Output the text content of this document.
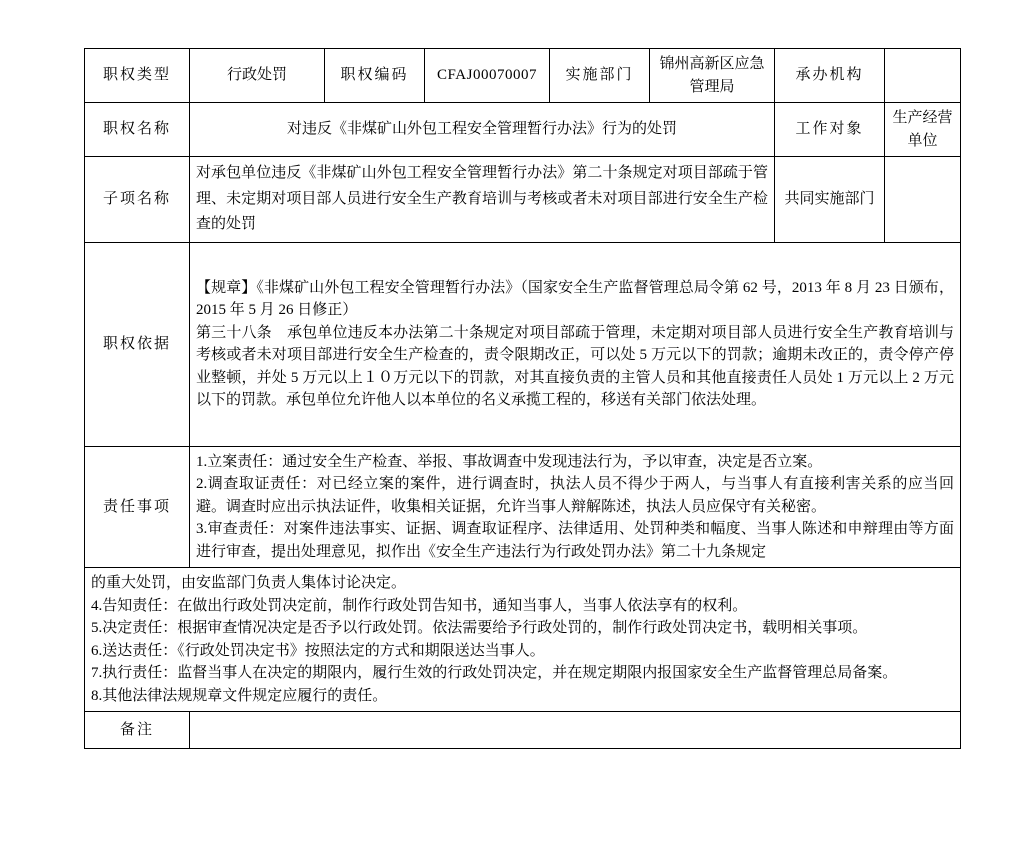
职权类型	行政处罚	职权编码	CFAJ00070007	实施部门	锦州高新区应急管理局	承办机构	
职权名称	对违反《非煤矿山外包工程安全管理暂行办法》行为的处罚					工作对象	生产经营单位
子项名称	对承包单位违反《非煤矿山外包工程安全管理暂行办法》第二十条规定对项目部疏于管理、未定期对项目部人员进行安全生产教育培训与考核或者未对项目部进行安全生产检查的处罚					共同实施部门	
职权依据	【规章】《非煤矿山外包工程安全管理暂行办法》（国家安全生产监督管理总局令第 62 号，2013 年 8 月 23 日颁布，2015 年 5 月 26 日修正）

第三十八条　承包单位违反本办法第二十条规定对项目部疏于管理，未定期对项目部人员进行安全生产教育培训与考核或者未对项目部进行安全生产检查的，责令限期改正，可以处 5 万元以下的罚款；逾期未改正的，责令停产停业整顿，并处 5 万元以上１０万元以下的罚款，对其直接负责的主管人员和其他直接责任人员处 1 万元以上 2 万元以下的罚款。承包单位允许他人以本单位的名义承揽工程的，移送有关部门依法处理。						

责任事项	1.立案责任：通过安全生产检查、举报、事故调查中发现违法行为，予以审查，决定是否立案。

2.调查取证责任：对已经立案的案件，进行调查时，执法人员不得少于两人，与当事人有直接利害关系的应当回避。调查时应出示执法证件，收集相关证据，允许当事人辩解陈述，执法人员应保守有关秘密。

3.审查责任：对案件违法事实、证据、调查取证程序、法律适用、处罚种类和幅度、当事人陈述和申辩理由等方面进行审查，提出处理意见，拟作出《安全生产违法行为行政处罚办法》第二十九条规定						

的重大处罚，由安监部门负责人集体讨论决定。

4.告知责任：在做出行政处罚决定前，制作行政处罚告知书，通知当事人，当事人依法享有的权利。

5.决定责任：根据审查情况决定是否予以行政处罚。依法需要给予行政处罚的，制作行政处罚决定书，载明相关事项。

6.送达责任：《行政处罚决定书》按照法定的方式和期限送达当事人。

7.执行责任：监督当事人在决定的期限内，履行生效的行政处罚决定，并在规定期限内报国家安全生产监督管理总局备案。

8.其他法律法规规章文件规定应履行的责任。

备注							
